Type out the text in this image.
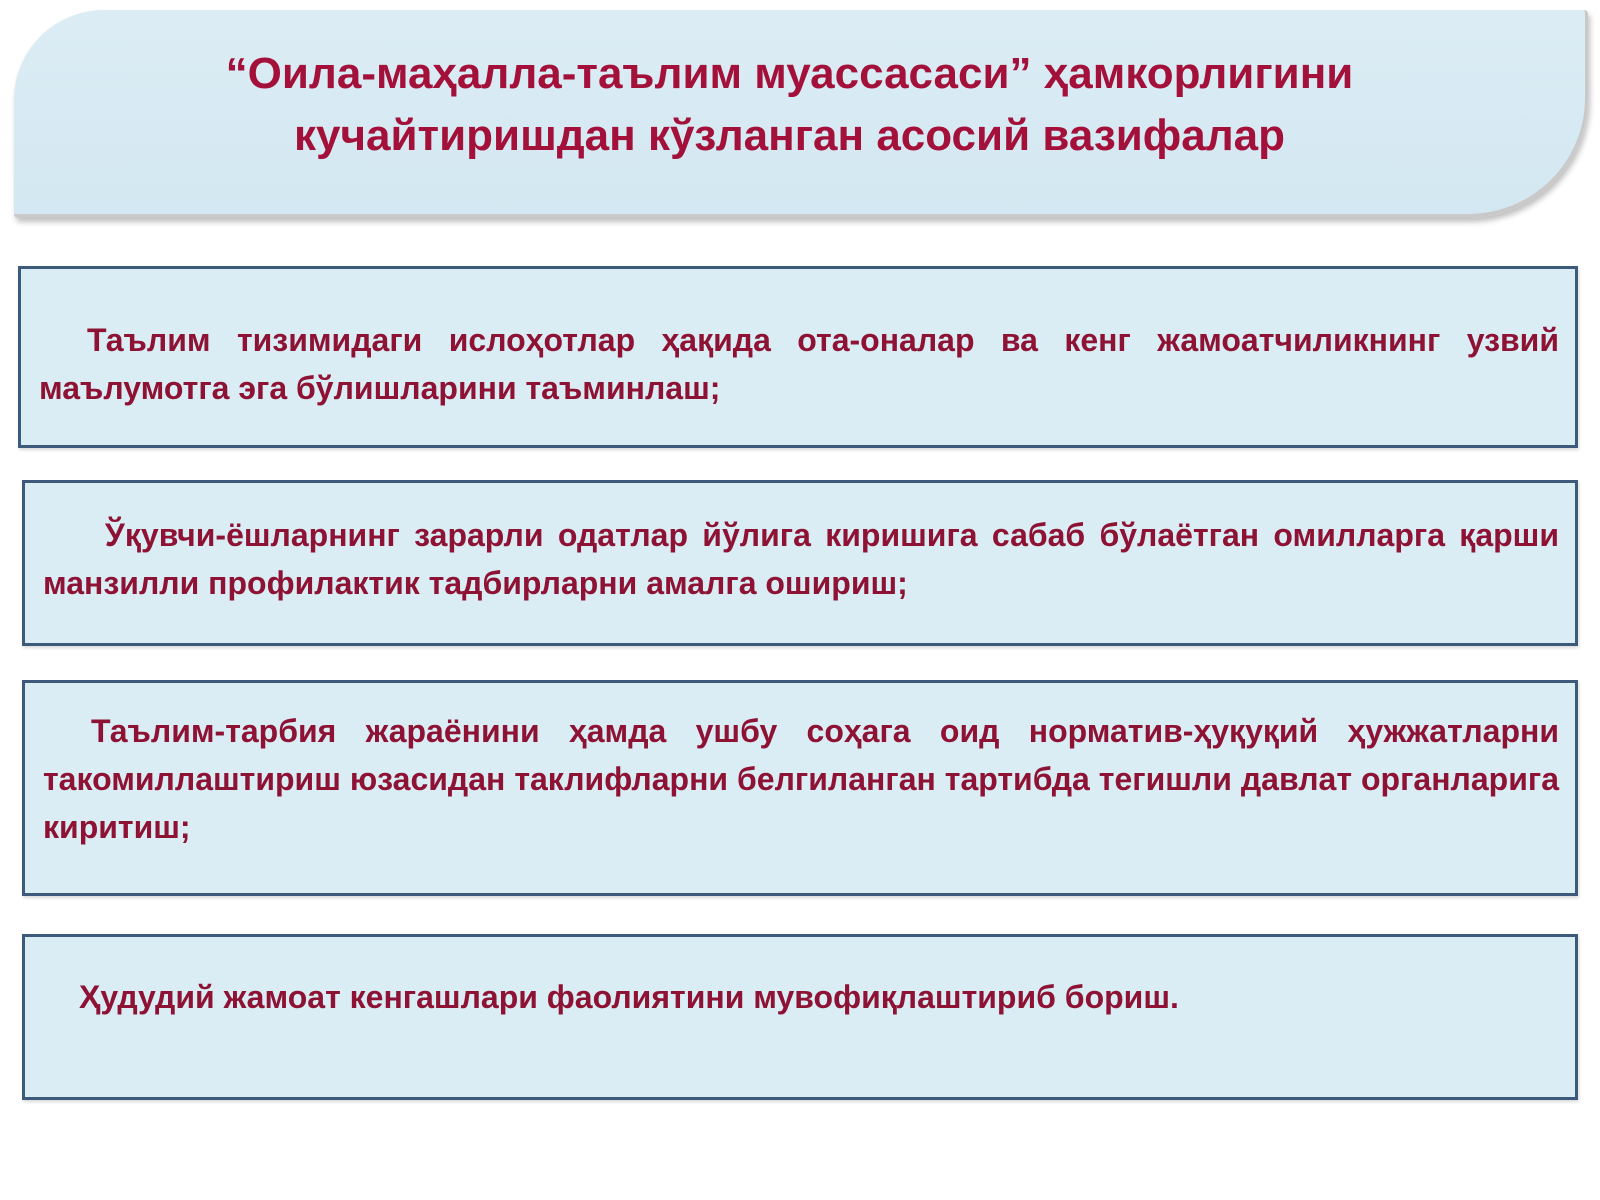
“Оила-маҳалла-таълим муассасаси” ҳамкорлигини
кучайтиришдан кўзланган асосий вазифалар

Таълим тизимидаги ислоҳотлар ҳақида ота-оналар ва кенг жамоатчиликнинг узвий маълумотга эга бўлишларини таъминлаш;

Ўқувчи-ёшларнинг зарарли одатлар йўлига киришига сабаб бўлаётган омилларга қарши манзилли профилактик тадбирларни амалга ошириш;

Таълим-тарбия жараёнини ҳамда ушбу соҳага оид норматив-ҳуқуқий ҳужжатларни такомиллаштириш юзасидан таклифларни белгиланган тартибда тегишли давлат органларига киритиш;

Ҳудудий жамоат кенгашлари фаолиятини мувофиқлаштириб бориш.
